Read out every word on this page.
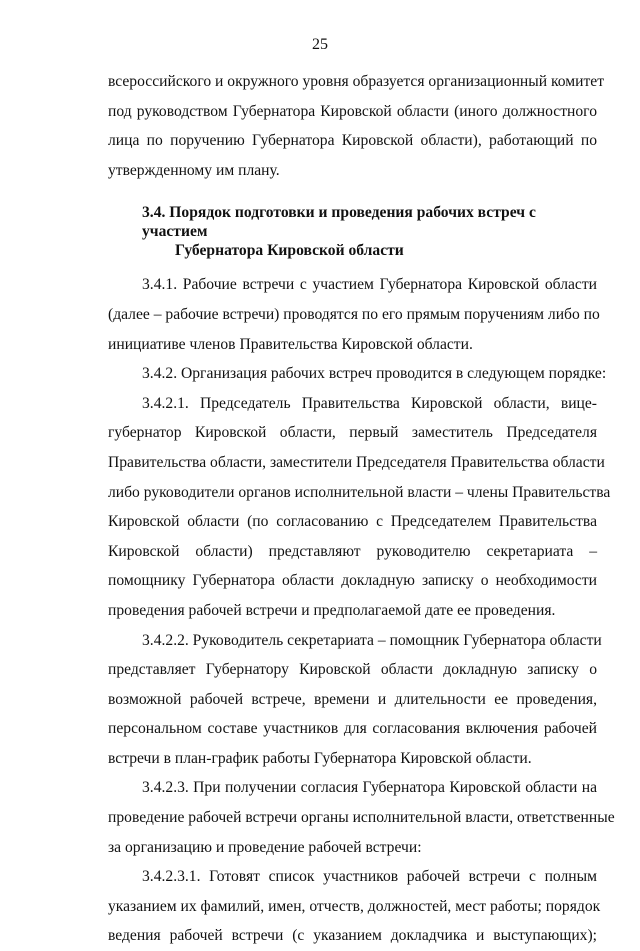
25
всероссийского и окружного уровня образуется организационный комитет
под руководством Губернатора Кировской области (иного должностного
лица по поручению Губернатора Кировской области), работающий по
утвержденному им плану.
3.4. Порядок подготовки и проведения рабочих встреч с участием
Губернатора Кировской области
3.4.1. Рабочие встречи с участием Губернатора Кировской области
(далее – рабочие встречи) проводятся по его прямым поручениям либо по
инициативе членов Правительства Кировской области.
3.4.2. Организация рабочих встреч проводится в следующем порядке:
3.4.2.1. Председатель Правительства Кировской области, вице-
губернатор Кировской области, первый заместитель Председателя
Правительства области, заместители Председателя Правительства области
либо руководители органов исполнительной власти – члены Правительства
Кировской области (по согласованию с Председателем Правительства
Кировской области) представляют руководителю секретариата –
помощнику Губернатора области докладную записку о необходимости
проведения рабочей встречи и предполагаемой дате ее проведения.
3.4.2.2. Руководитель секретариата – помощник Губернатора области
представляет Губернатору Кировской области докладную записку о
возможной рабочей встрече, времени и длительности ее проведения,
персональном составе участников для согласования включения рабочей
встречи в план-график работы Губернатора Кировской области.
3.4.2.3. При получении согласия Губернатора Кировской области на
проведение рабочей встречи органы исполнительной власти, ответственные
за организацию и проведение рабочей встречи:
3.4.2.3.1. Готовят список участников рабочей встречи с полным
указанием их фамилий, имен, отчеств, должностей, мест работы; порядок
ведения рабочей встречи (с указанием докладчика и выступающих);
